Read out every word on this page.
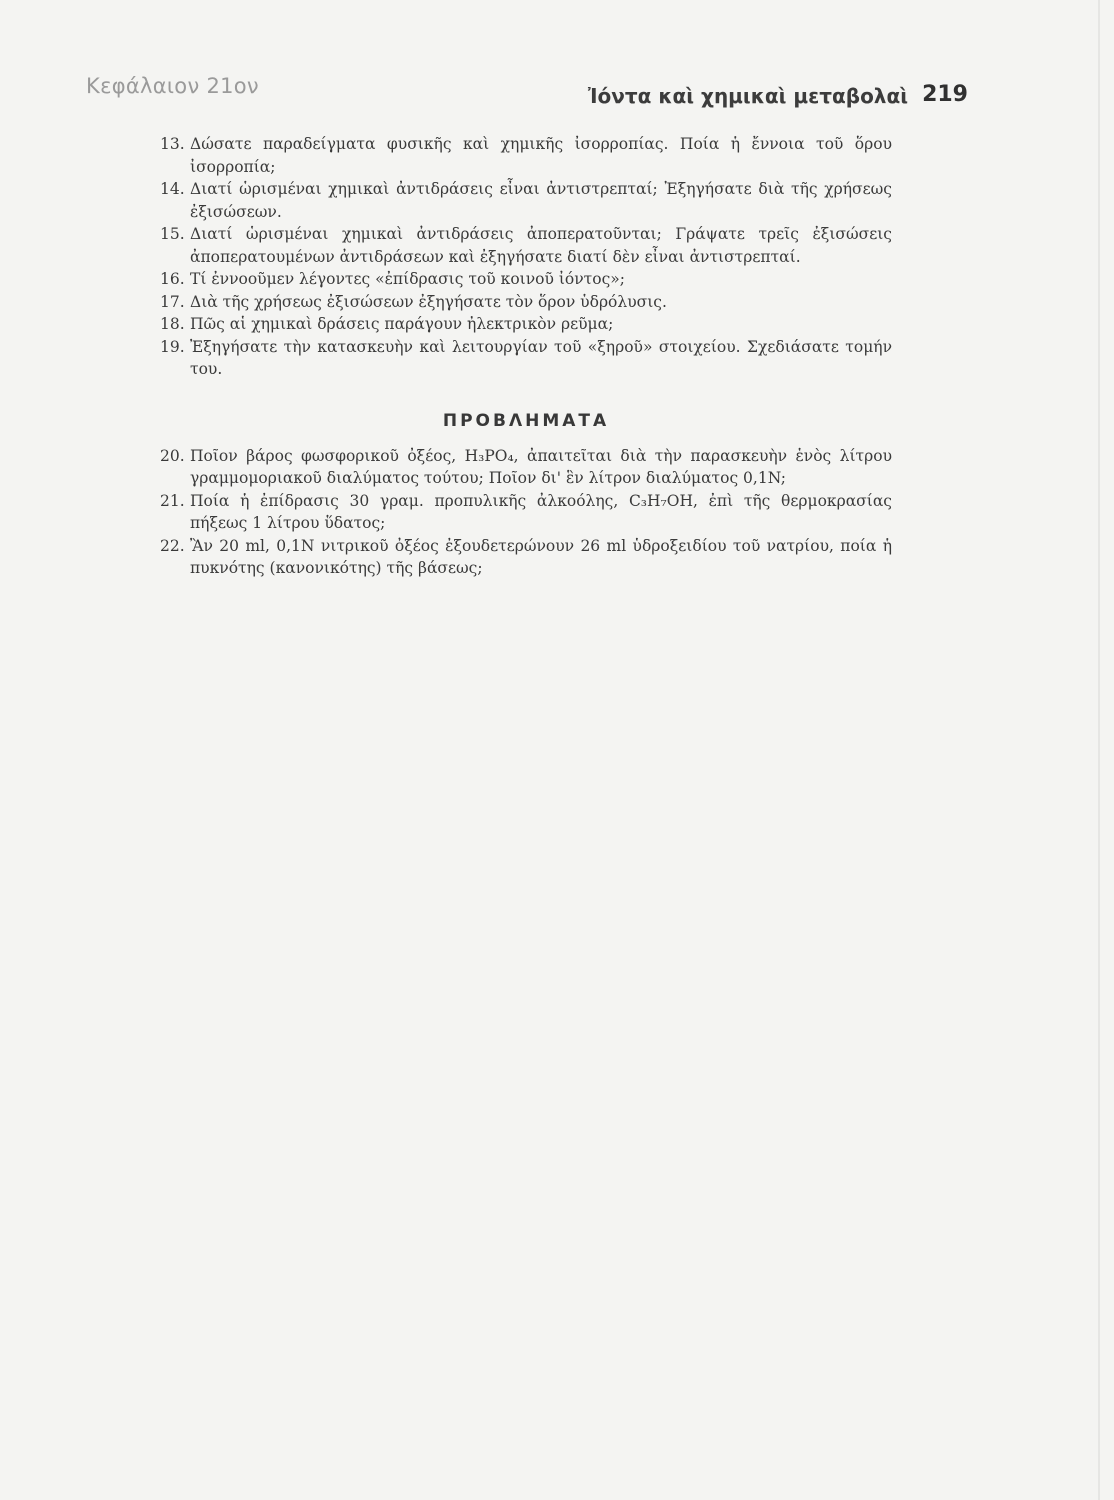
Κεφάλαιον 21ον	Ἰόντα καὶ χημικαὶ μεταβολαὶ 219
13. Δώσατε παραδείγματα φυσικῆς καὶ χημικῆς ἰσορροπίας. Ποία ἡ ἔννοια τοῦ ὅρου ἰσορροπία;
14. Διατί ὡρισμέναι χημικαὶ ἀντιδράσεις εἶναι ἀντιστρεπταί; Ἐξηγήσατε διὰ τῆς χρήσεως ἐξισώσεων.
15. Διατί ὡρισμέναι χημικαὶ ἀντιδράσεις ἀποπερατοῦνται; Γράψατε τρεῖς ἐξισώσεις ἀποπερατουμένων ἀντιδράσεων καὶ ἐξηγήσατε διατί δὲν εἶναι ἀντιστρεπταί.
16. Τί ἐννοοῦμεν λέγοντες «ἐπίδρασις τοῦ κοινοῦ ἰόντος»;
17. Διὰ τῆς χρήσεως ἐξισώσεων ἐξηγήσατε τὸν ὅρον ὑδρόλυσις.
18. Πῶς αἱ χημικαὶ δράσεις παράγουν ἠλεκτρικὸν ρεῦμα;
19. Ἐξηγήσατε τὴν κατασκευὴν καὶ λειτουργίαν τοῦ «ξηροῦ» στοιχείου. Σχεδιάσατε τομήν του.
ΠΡΟΒΛΗΜΑΤΑ
20. Ποῖον βάρος φωσφορικοῦ ὀξέος, H₃PO₄, ἀπαιτεῖται διὰ τὴν παρασκευὴν ἑνὸς λίτρου γραμμομοριακοῦ διαλύματος τούτου; Ποῖον δι' ἓν λίτρον διαλύματος 0,1N;
21. Ποία ἡ ἐπίδρασις 30 γραμ. προπυλικῆς ἀλκοόλης, C₃H₇OH, ἐπὶ τῆς θερμοκρασίας πήξεως 1 λίτρου ὕδατος;
22. Ἂν 20 ml, 0,1N νιτρικοῦ ὀξέος ἐξουδετερώνουν 26 ml ὑδροξειδίου τοῦ νατρίου, ποία ἡ πυκνότης (κανονικότης) τῆς βάσεως;
